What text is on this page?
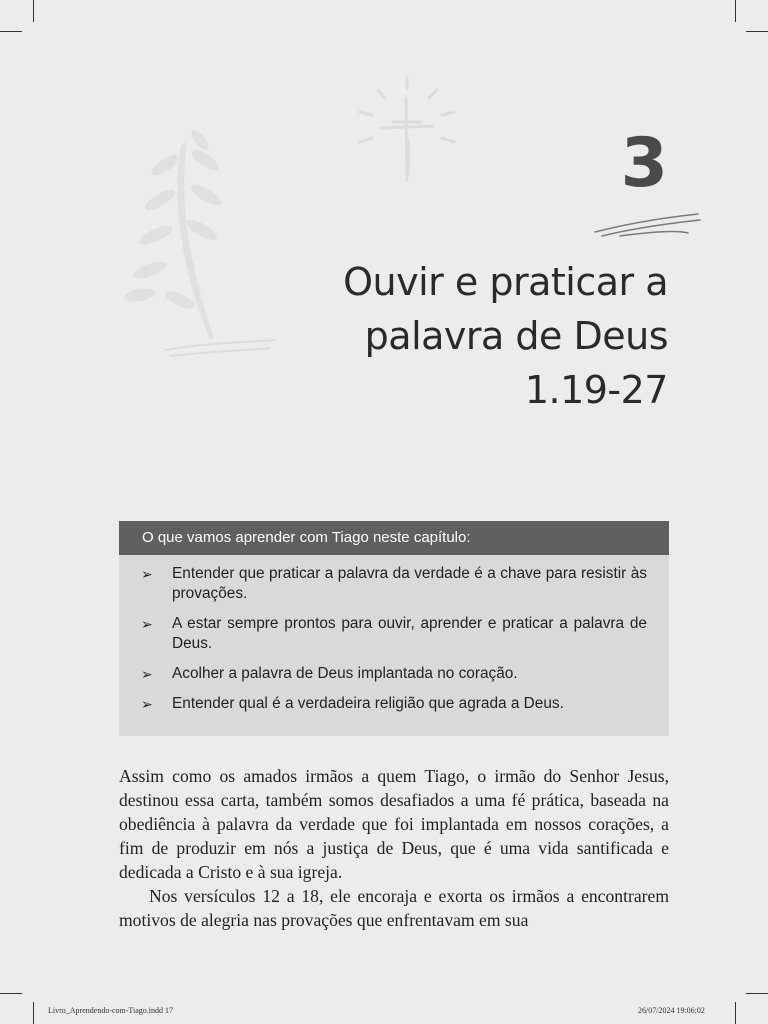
3
Ouvir e praticar a
palavra de Deus
1.19-27
O que vamos aprender com Tiago neste capítulo:
➢ Entender que praticar a palavra da verdade é a chave para resistir às provações.
➢ A estar sempre prontos para ouvir, aprender e praticar a palavra de Deus.
➢ Acolher a palavra de Deus implantada no coração.
➢ Entender qual é a verdadeira religião que agrada a Deus.

Assim como os amados irmãos a quem Tiago, o irmão do Senhor Jesus, destinou essa carta, também somos desafiados a uma fé prática, baseada na obediência à palavra da verdade que foi implantada em nossos corações, a fim de produzir em nós a justiça de Deus, que é uma vida santificada e dedicada a Cristo e à sua igreja.

Nos versículos 12 a 18, ele encoraja e exorta os irmãos a encontrarem motivos de alegria nas provações que enfrentavam em sua

Livro_Aprendendo-com-Tiago.indd 17	26/07/2024 19:06:02
